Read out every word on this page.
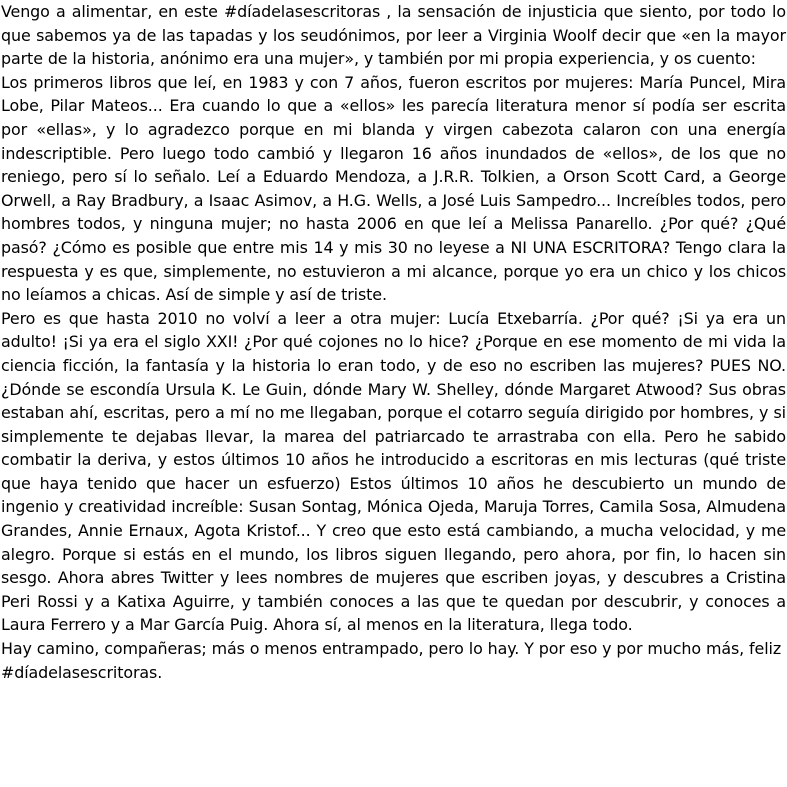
Vengo a alimentar, en este #díadelasescritoras , la sensación de injusticia que siento, por todo lo que sabemos ya de las tapadas y los seudónimos, por leer a Virginia Woolf decir que «en la mayor parte de la historia, anónimo era una mujer», y también por mi propia experiencia, y os cuento:

Los primeros libros que leí, en 1983 y con 7 años, fueron escritos por mujeres: María Puncel, Mira Lobe, Pilar Mateos... Era cuando lo que a «ellos» les parecía literatura menor sí podía ser escrita por «ellas», y lo agradezco porque en mi blanda y virgen cabezota calaron con una energía indescriptible. Pero luego todo cambió y llegaron 16 años inundados de «ellos», de los que no reniego, pero sí lo señalo. Leí a Eduardo Mendoza, a J.R.R. Tolkien, a Orson Scott Card, a George Orwell, a Ray Bradbury, a Isaac Asimov, a H.G. Wells, a José Luis Sampedro... Increíbles todos, pero hombres todos, y ninguna mujer; no hasta 2006 en que leí a Melissa Panarello. ¿Por qué? ¿Qué pasó? ¿Cómo es posible que entre mis 14 y mis 30 no leyese a NI UNA ESCRITORA? Tengo clara la respuesta y es que, simplemente, no estuvieron a mi alcance, porque yo era un chico y los chicos no leíamos a chicas. Así de simple y así de triste.

Pero es que hasta 2010 no volví a leer a otra mujer: Lucía Etxebarría. ¿Por qué? ¡Si ya era un adulto! ¡Si ya era el siglo XXI! ¿Por qué cojones no lo hice? ¿Porque en ese momento de mi vida la ciencia ficción, la fantasía y la historia lo eran todo, y de eso no escriben las mujeres? PUES NO. ¿Dónde se escondía Ursula K. Le Guin, dónde Mary W. Shelley, dónde Margaret Atwood? Sus obras estaban ahí, escritas, pero a mí no me llegaban, porque el cotarro seguía dirigido por hombres, y si simplemente te dejabas llevar, la marea del patriarcado te arrastraba con ella. Pero he sabido combatir la deriva, y estos últimos 10 años he introducido a escritoras en mis lecturas (qué triste que haya tenido que hacer un esfuerzo) Estos últimos 10 años he descubierto un mundo de ingenio y creatividad increíble: Susan Sontag, Mónica Ojeda, Maruja Torres, Camila Sosa, Almudena Grandes, Annie Ernaux, Agota Kristof... Y creo que esto está cambiando, a mucha velocidad, y me alegro. Porque si estás en el mundo, los libros siguen llegando, pero ahora, por fin, lo hacen sin sesgo. Ahora abres Twitter y lees nombres de mujeres que escriben joyas, y descubres a Cristina Peri Rossi y a Katixa Aguirre, y también conoces a las que te quedan por descubrir, y conoces a Laura Ferrero y a Mar García Puig. Ahora sí, al menos en la literatura, llega todo.

Hay camino, compañeras; más o menos entrampado, pero lo hay. Y por eso y por mucho más, feliz #díadelasescritoras.
